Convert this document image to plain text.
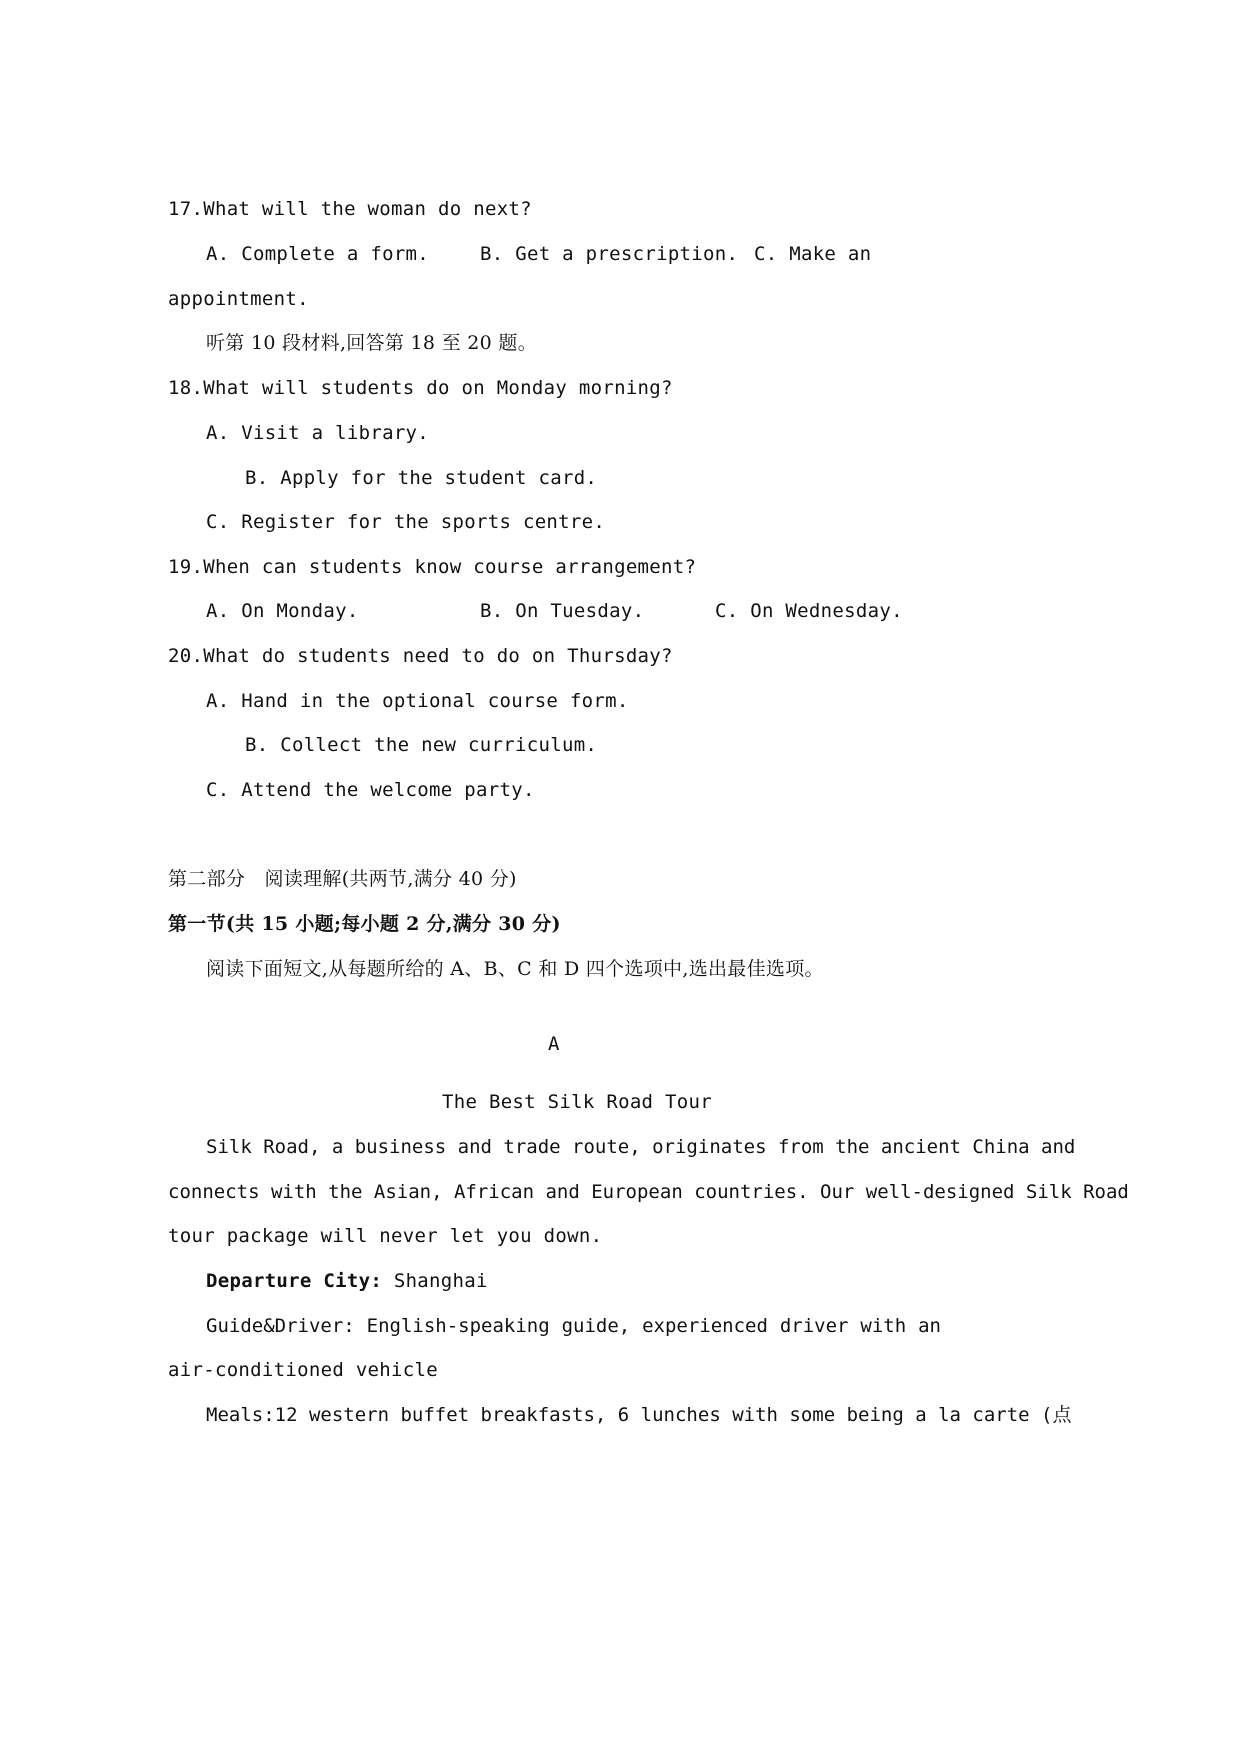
17.What will the woman do next?
A. Complete a form.	B. Get a prescription. C. Make an
appointment.
听第 10 段材料,回答第 18 至 20 题。
18.What will students do on Monday morning?
A. Visit a library.
B. Apply for the student card.
C. Register for the sports centre.
19.When can students know course arrangement?
A. On Monday.	B. On Tuesday.	C. On Wednesday.
20.What do students need to do on Thursday?
A. Hand in the optional course form.
B. Collect the new curriculum.
C. Attend the welcome party.
第二部分　阅读理解(共两节,满分 40 分)
第一节(共 15 小题;每小题 2 分,满分 30 分)
阅读下面短文,从每题所给的 A、B、C 和 D 四个选项中,选出最佳选项。
A
The Best Silk Road Tour
Silk Road, a business and trade route, originates from the ancient China and
connects with the Asian, African and European countries. Our well-designed Silk Road
tour package will never let you down.
Departure City: Shanghai
Guide&Driver: English-speaking guide, experienced driver with an
air-conditioned vehicle
Meals:12 western buffet breakfasts, 6 lunches with some being a la carte (点
